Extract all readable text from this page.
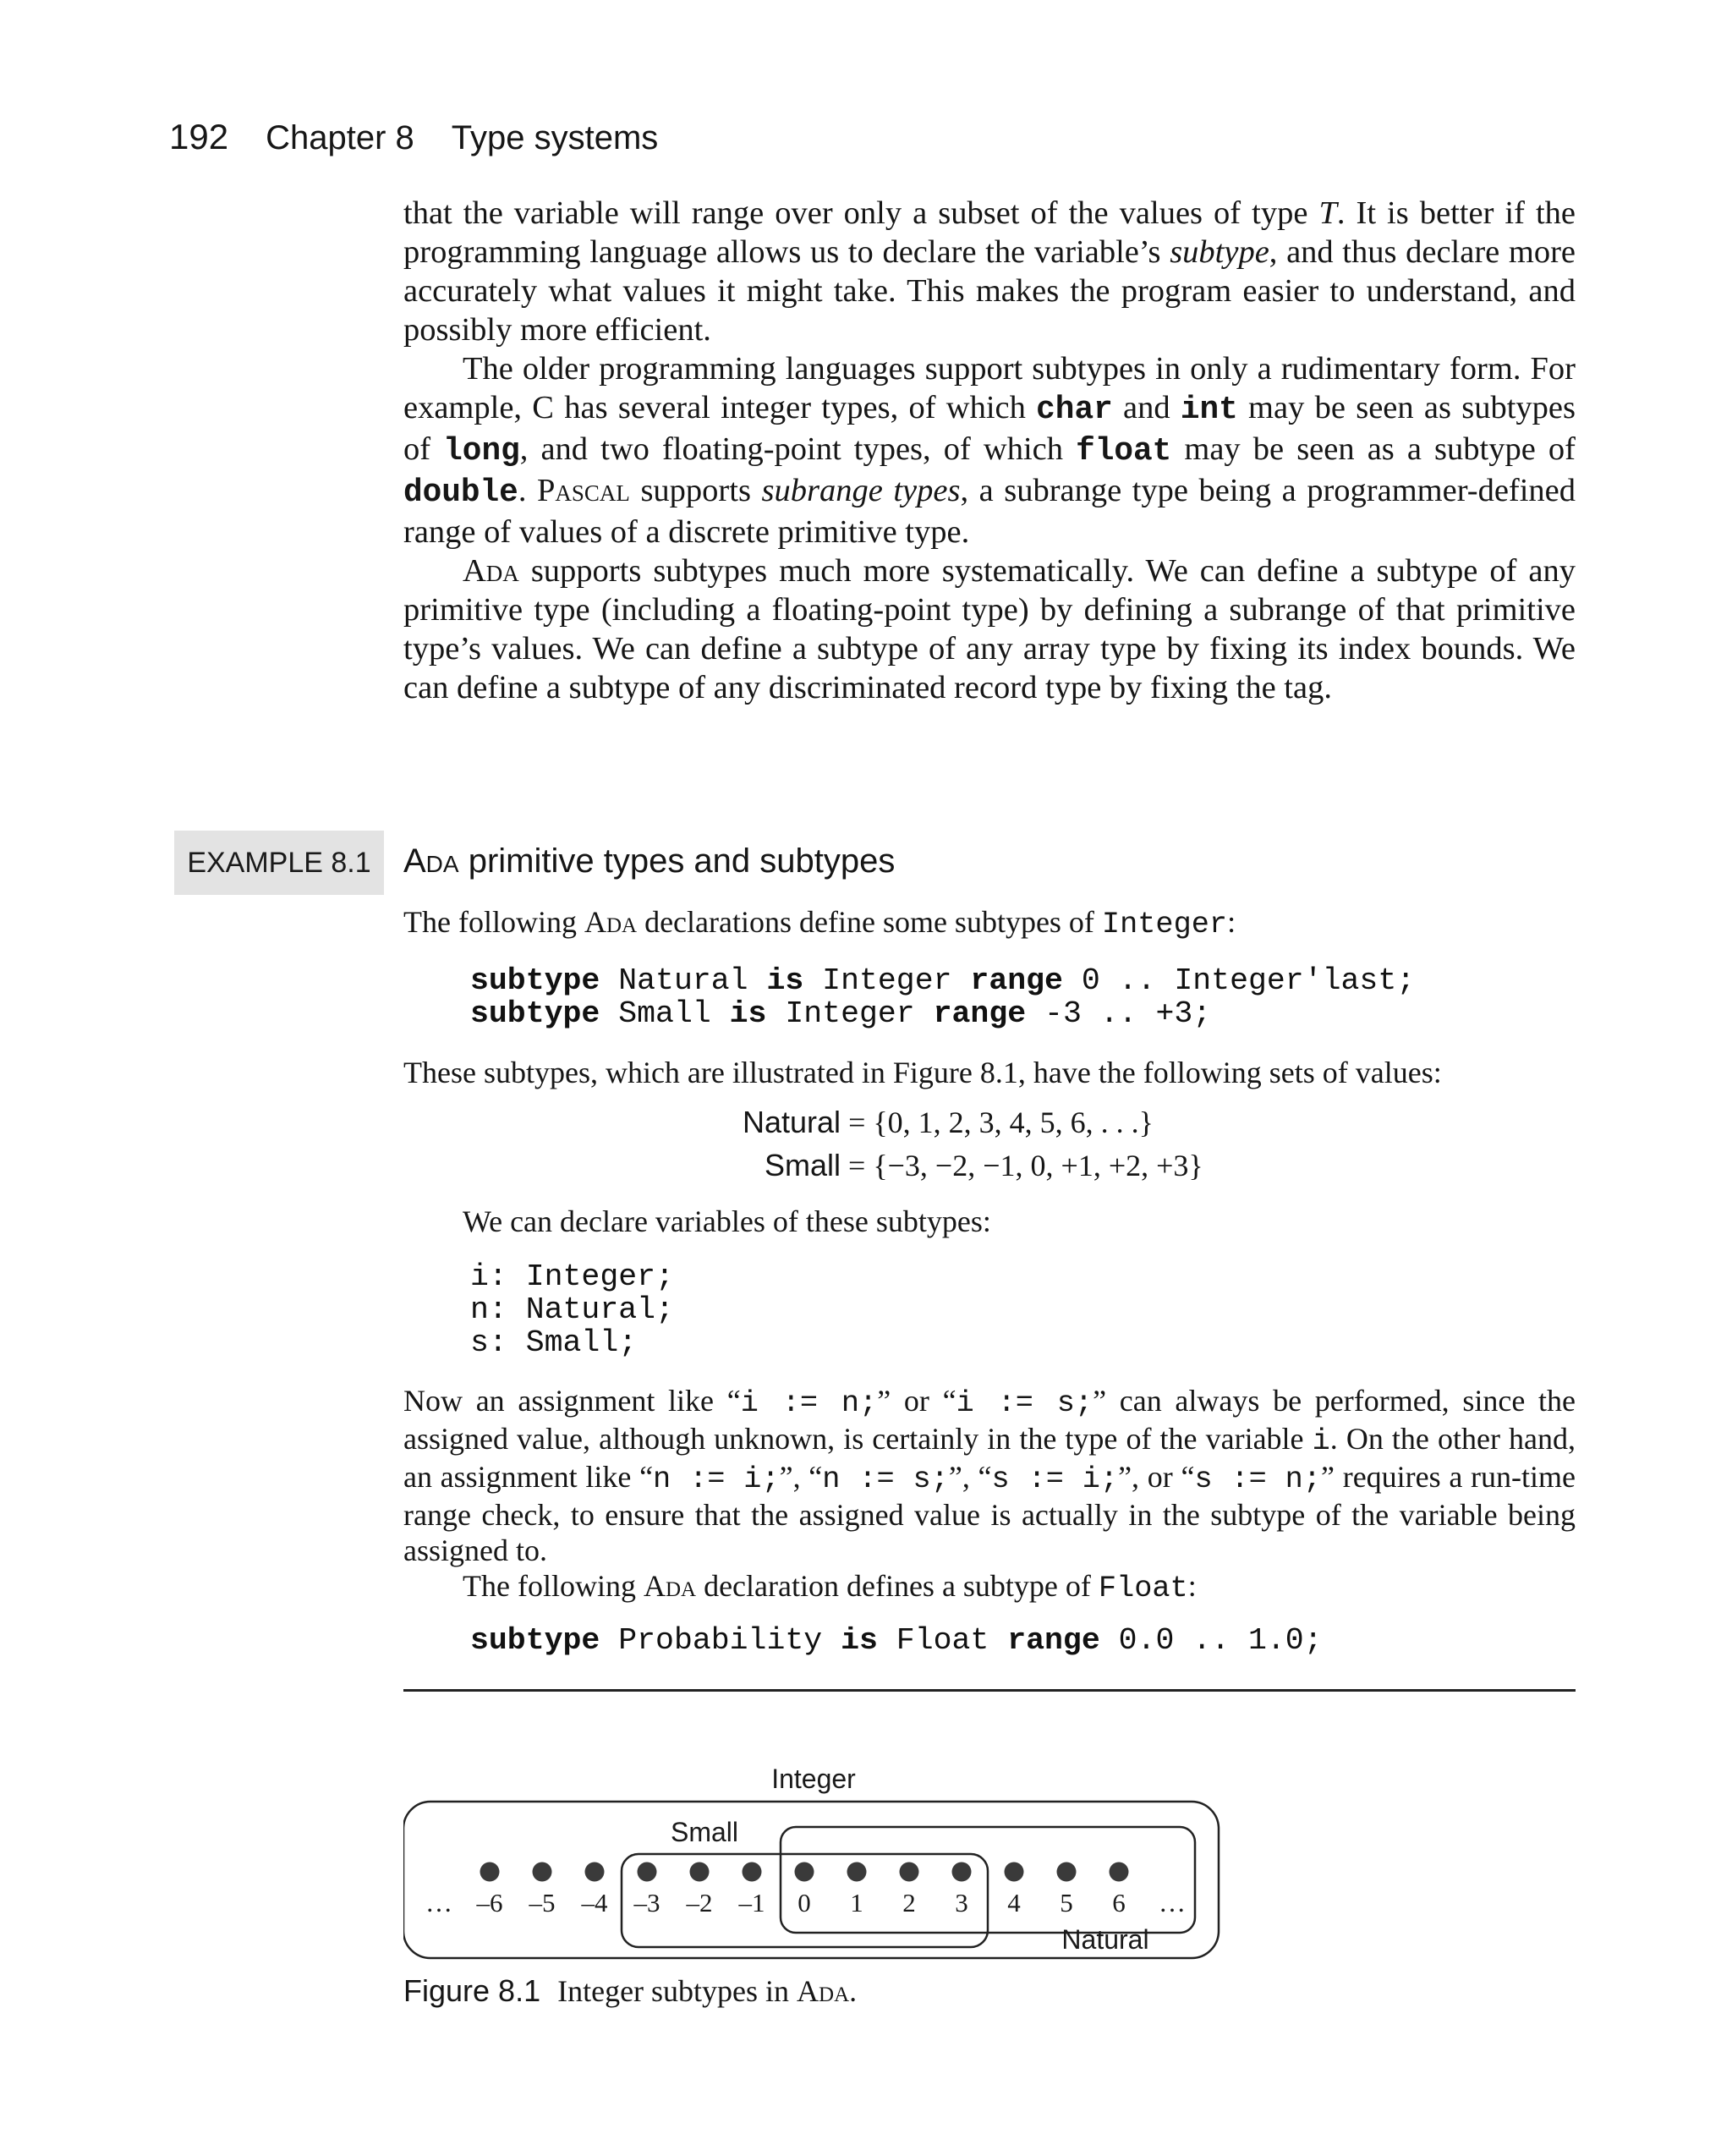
192 Chapter 8 Type systems

that the variable will range over only a subset of the values of type T. It is better if the programming language allows us to declare the variable’s subtype, and thus declare more accurately what values it might take. This makes the program easier to understand, and possibly more efficient.

The older programming languages support subtypes in only a rudimentary form. For example, C has several integer types, of which char and int may be seen as subtypes of long, and two floating-point types, of which float may be seen as a subtype of double. Pascal supports subrange types, a subrange type being a programmer-defined range of values of a discrete primitive type.

Ada supports subtypes much more systematically. We can define a subtype of any primitive type (including a floating-point type) by defining a subrange of that primitive type’s values. We can define a subtype of any array type by fixing its index bounds. We can define a subtype of any discriminated record type by fixing the tag.

EXAMPLE 8.1 Ada primitive types and subtypes
The following Ada declarations define some subtypes of Integer:
subtype Natural is Integer range 0 .. Integer'last;
subtype Small is Integer range -3 .. +3;
These subtypes, which are illustrated in Figure 8.1, have the following sets of values:
Natural = {0, 1, 2, 3, 4, 5, 6, . . .}
Small = {−3, −2, −1, 0, +1, +2, +3}
We can declare variables of these subtypes:
i: Integer;
n: Natural;
s: Small;

Now an assignment like “i := n;” or “i := s;” can always be performed, since the assigned value, although unknown, is certainly in the type of the variable i. On the other hand, an assignment like “n := i;”, “n := s;”, “s := i;”, or “s := n;” requires a run-time range check, to ensure that the assigned value is actually in the subtype of the variable being assigned to.

The following Ada declaration defines a subtype of Float:

subtype Probability is Float range 0.0 .. 1.0;
Integer
Small
Natural
…	…
–6 –5 –4 –3 –2 –1 0 1 2 3 4 5 6
Figure 8.1 Integer subtypes in Ada.
